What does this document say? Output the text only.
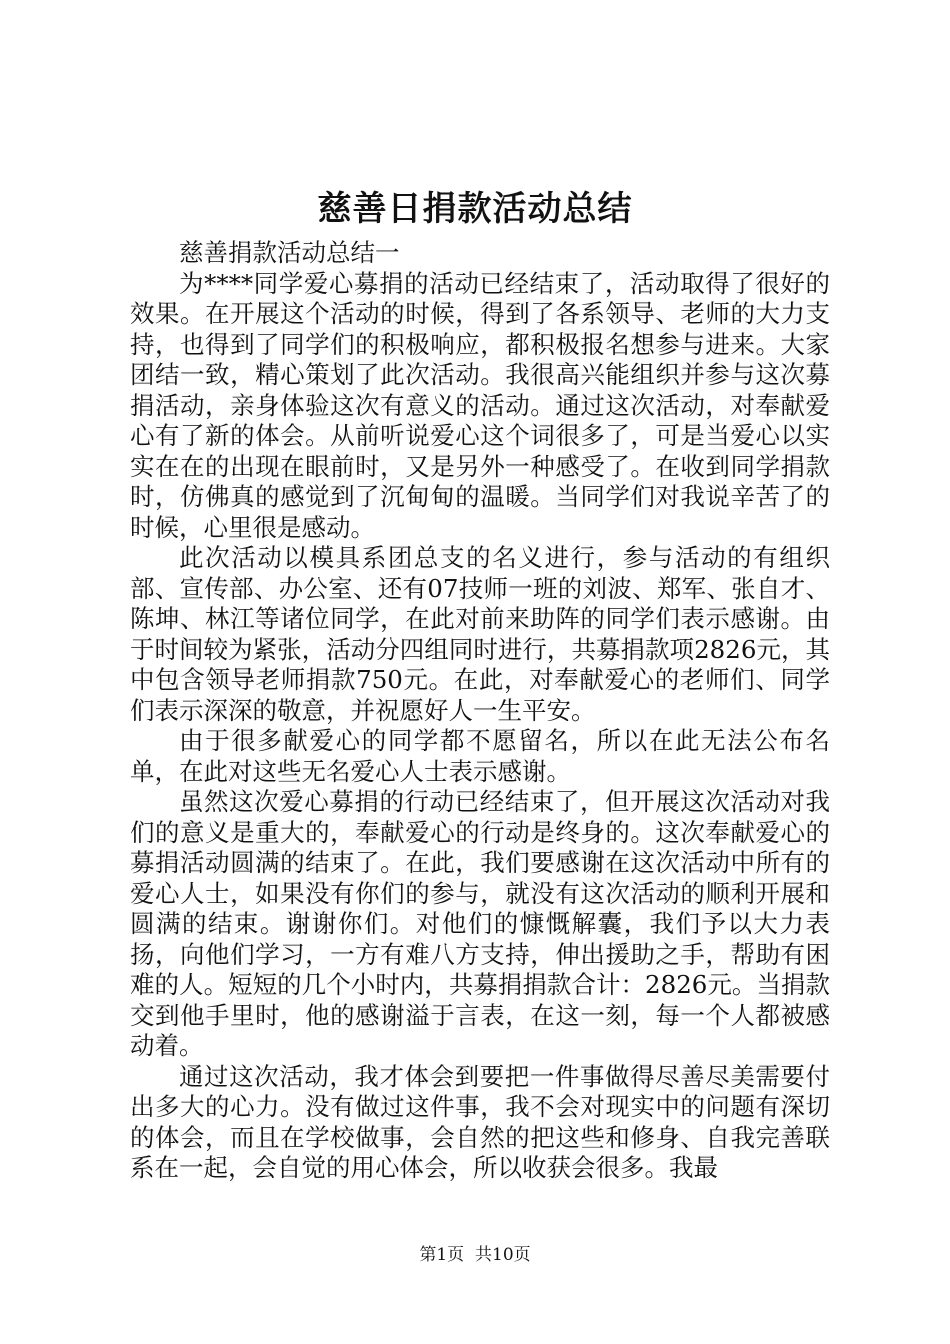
慈善日捐款活动总结

慈善捐款活动总结一

为****同学爱心募捐的活动已经结束了，活动取得了很好的效果。在开展这个活动的时候，得到了各系领导、老师的大力支持，也得到了同学们的积极响应，都积极报名想参与进来。大家团结一致，精心策划了此次活动。我很高兴能组织并参与这次募捐活动，亲身体验这次有意义的活动。通过这次活动，对奉献爱心有了新的体会。从前听说爱心这个词很多了，可是当爱心以实实在在的出现在眼前时，又是另外一种感受了。在收到同学捐款时，仿佛真的感觉到了沉甸甸的温暖。当同学们对我说辛苦了的时候，心里很是感动。

此次活动以模具系团总支的名义进行，参与活动的有组织部、宣传部、办公室、还有07技师一班的刘波、郑军、张自才、陈坤、林江等诸位同学，在此对前来助阵的同学们表示感谢。由于时间较为紧张，活动分四组同时进行，共募捐款项2826元，其中包含领导老师捐款750元。在此，对奉献爱心的老师们、同学们表示深深的敬意，并祝愿好人一生平安。

由于很多献爱心的同学都不愿留名，所以在此无法公布名单，在此对这些无名爱心人士表示感谢。

虽然这次爱心募捐的行动已经结束了，但开展这次活动对我们的意义是重大的，奉献爱心的行动是终身的。这次奉献爱心的募捐活动圆满的结束了。在此，我们要感谢在这次活动中所有的爱心人士，如果没有你们的参与，就没有这次活动的顺利开展和圆满的结束。谢谢你们。对他们的慷慨解囊，我们予以大力表扬，向他们学习，一方有难八方支持，伸出援助之手，帮助有困难的人。短短的几个小时内，共募捐捐款合计：2826元。当捐款交到他手里时，他的感谢溢于言表，在这一刻，每一个人都被感动着。

通过这次活动，我才体会到要把一件事做得尽善尽美需要付出多大的心力。没有做过这件事，我不会对现实中的问题有深切的体会，而且在学校做事，会自然的把这些和修身、自我完善联系在一起，会自觉的用心体会，所以收获会很多。我最

第1页 共10页
